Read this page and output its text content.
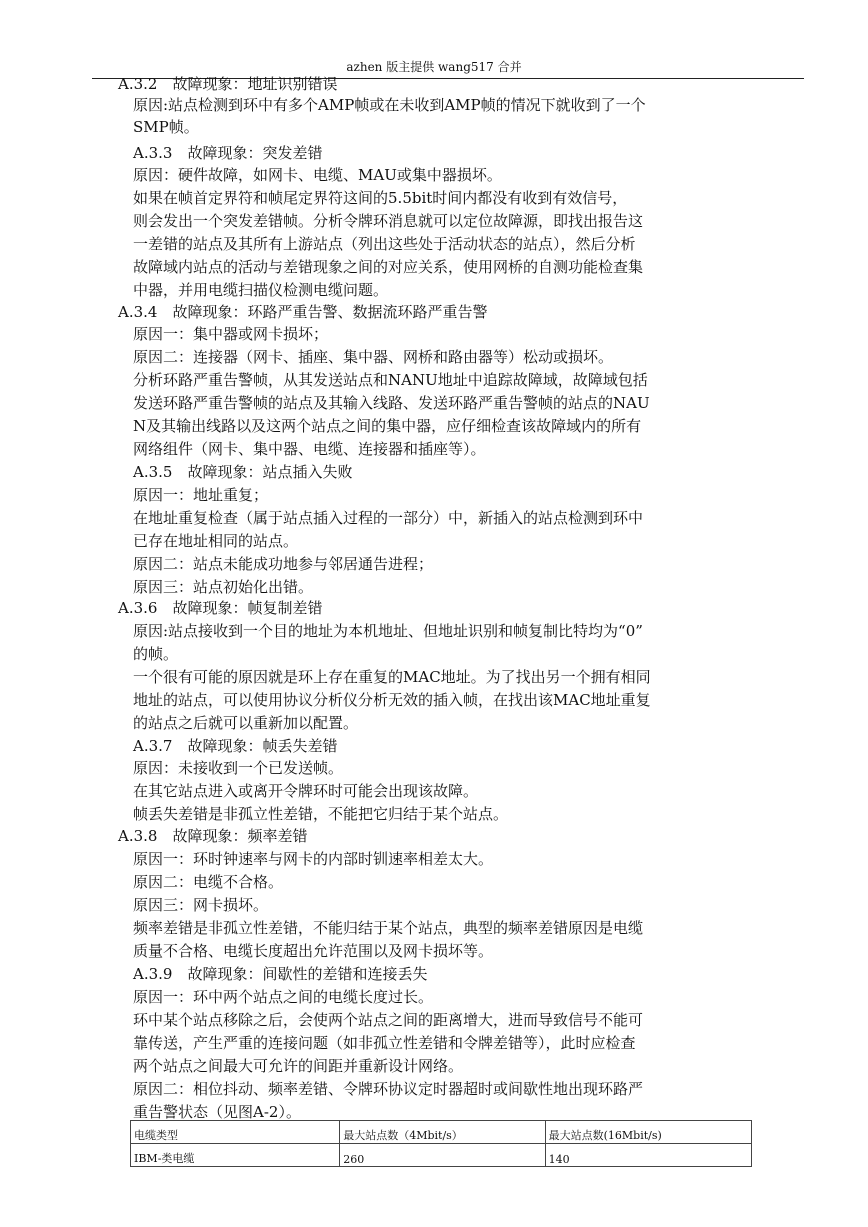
azhen 版主提供 wang517 合并
A.3.2　故障现象：地址识别错误
原因:站点检测到环中有多个AMP帧或在未收到AMP帧的情况下就收到了一个
SMP帧。
A.3.3　故障现象：突发差错
原因：硬件故障，如网卡、电缆、MAU或集中器损坏。
如果在帧首定界符和帧尾定界符这间的5.5bit时间内都没有收到有效信号，
则会发出一个突发差错帧。分析令牌环消息就可以定位故障源，即找出报告这
一差错的站点及其所有上游站点（列出这些处于活动状态的站点），然后分析
故障域内站点的活动与差错现象之间的对应关系，使用网桥的自测功能检查集
中器，并用电缆扫描仪检测电缆问题。
A.3.4　故障现象：环路严重告警、数据流环路严重告警
原因一：集中器或网卡损坏；
原因二：连接器（网卡、插座、集中器、网桥和路由器等）松动或损坏。
分析环路严重告警帧，从其发送站点和NANU地址中追踪故障域，故障域包括
发送环路严重告警帧的站点及其输入线路、发送环路严重告警帧的站点的NAU
N及其输出线路以及这两个站点之间的集中器，应仔细检查该故障域内的所有
网络组件（网卡、集中器、电缆、连接器和插座等）。
A.3.5　故障现象：站点插入失败
原因一：地址重复；
在地址重复检查（属于站点插入过程的一部分）中，新插入的站点检测到环中
已存在地址相同的站点。
原因二：站点未能成功地参与邻居通告进程；
原因三：站点初始化出错。
A.3.6　故障现象：帧复制差错
原因:站点接收到一个目的地址为本机地址、但地址识别和帧复制比特均为“0”
的帧。
一个很有可能的原因就是环上存在重复的MAC地址。为了找出另一个拥有相同
地址的站点，可以使用协议分析仪分析无效的插入帧，在找出该MAC地址重复
的站点之后就可以重新加以配置。
A.3.7　故障现象：帧丢失差错
原因：未接收到一个已发送帧。
在其它站点进入或离开令牌环时可能会出现该故障。
帧丢失差错是非孤立性差错，不能把它归结于某个站点。
A.3.8　故障现象：频率差错
原因一：环时钟速率与网卡的内部时钏速率相差太大。
原因二：电缆不合格。
原因三：网卡损坏。
频率差错是非孤立性差错，不能归结于某个站点，典型的频率差错原因是电缆
质量不合格、电缆长度超出允许范围以及网卡损坏等。
A.3.9　故障现象：间歇性的差错和连接丢失
原因一：环中两个站点之间的电缆长度过长。
环中某个站点移除之后，会使两个站点之间的距离增大，进而导致信号不能可
靠传送，产生严重的连接问题（如非孤立性差错和令牌差错等），此时应检查
两个站点之间最大可允许的间距并重新设计网络。
原因二：相位抖动、频率差错、令牌环协议定时器超时或间歇性地出现环路严
重告警状态（见图A-2）。
电缆类型	最大站点数（4Mbit/s）	最大站点数(16Mbit/s)
IBM-类电缆	260	140
